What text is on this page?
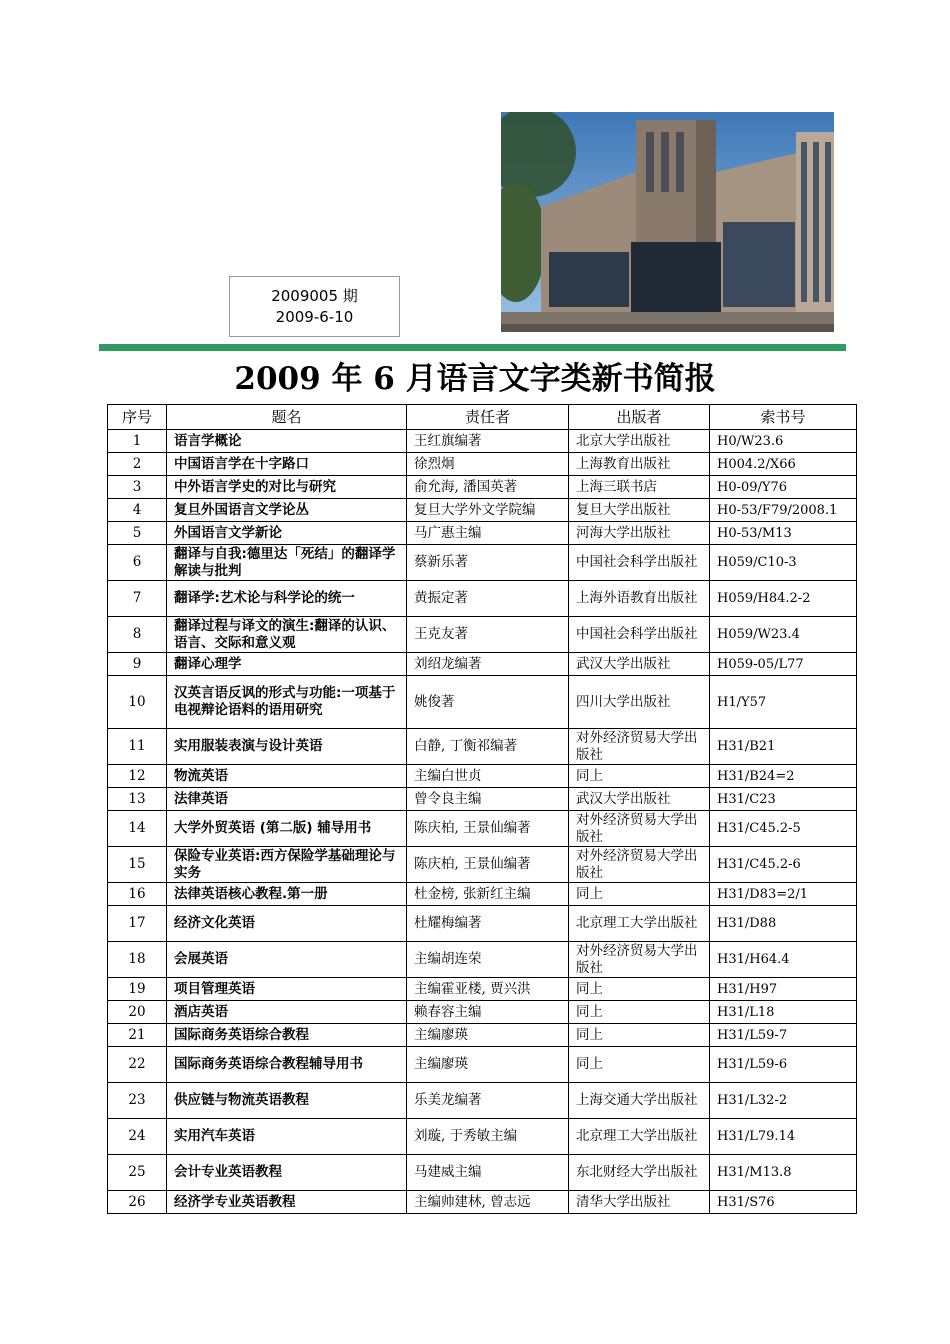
2009005 期
2009-6-10
2009 年 6 月语言文字类新书简报
序号	题名	责任者	出版者	索书号
1	语言学概论	王红旗编著	北京大学出版社	H0/W23.6
2	中国语言学在十字路口	徐烈炯	上海教育出版社	H004.2/X66
3	中外语言学史的对比与研究	俞允海, 潘国英著	上海三联书店	H0-09/Y76
4	复旦外国语言文学论丛	复旦大学外文学院编	复旦大学出版社	H0-53/F79/2008.1
5	外国语言文学新论	马广惠主编	河海大学出版社	H0-53/M13
6	翻译与自我:德里达「死结」的翻译学解读与批判	蔡新乐著	中国社会科学出版社	H059/C10-3
7	翻译学:艺术论与科学论的统一	黄振定著	上海外语教育出版社	H059/H84.2-2
8	翻译过程与译文的演生:翻译的认识、语言、交际和意义观	王克友著	中国社会科学出版社	H059/W23.4
9	翻译心理学	刘绍龙编著	武汉大学出版社	H059-05/L77
10	汉英言语反讽的形式与功能:一项基于电视辩论语料的语用研究	姚俊著	四川大学出版社	H1/Y57
11	实用服装表演与设计英语	白静, 丁衡祁编著	对外经济贸易大学出版社	H31/B21
12	物流英语	主编白世贞	同上	H31/B24=2
13	法律英语	曾令良主编	武汉大学出版社	H31/C23
14	大学外贸英语 (第二版) 辅导用书	陈庆柏, 王景仙编著	对外经济贸易大学出版社	H31/C45.2-5
15	保险专业英语:西方保险学基础理论与实务	陈庆柏, 王景仙编著	对外经济贸易大学出版社	H31/C45.2-6
16	法律英语核心教程.第一册	杜金榜, 张新红主编	同上	H31/D83=2/1
17	经济文化英语	杜耀梅编著	北京理工大学出版社	H31/D88
18	会展英语	主编胡连荣	对外经济贸易大学出版社	H31/H64.4
19	项目管理英语	主编霍亚楼, 贾兴洪	同上	H31/H97
20	酒店英语	赖春容主编	同上	H31/L18
21	国际商务英语综合教程	主编廖瑛	同上	H31/L59-7
22	国际商务英语综合教程辅导用书	主编廖瑛	同上	H31/L59-6
23	供应链与物流英语教程	乐美龙编著	上海交通大学出版社	H31/L32-2
24	实用汽车英语	刘璇, 于秀敏主编	北京理工大学出版社	H31/L79.14
25	会计专业英语教程	马建威主编	东北财经大学出版社	H31/M13.8
26	经济学专业英语教程	主编帅建林, 曾志远	清华大学出版社	H31/S76
